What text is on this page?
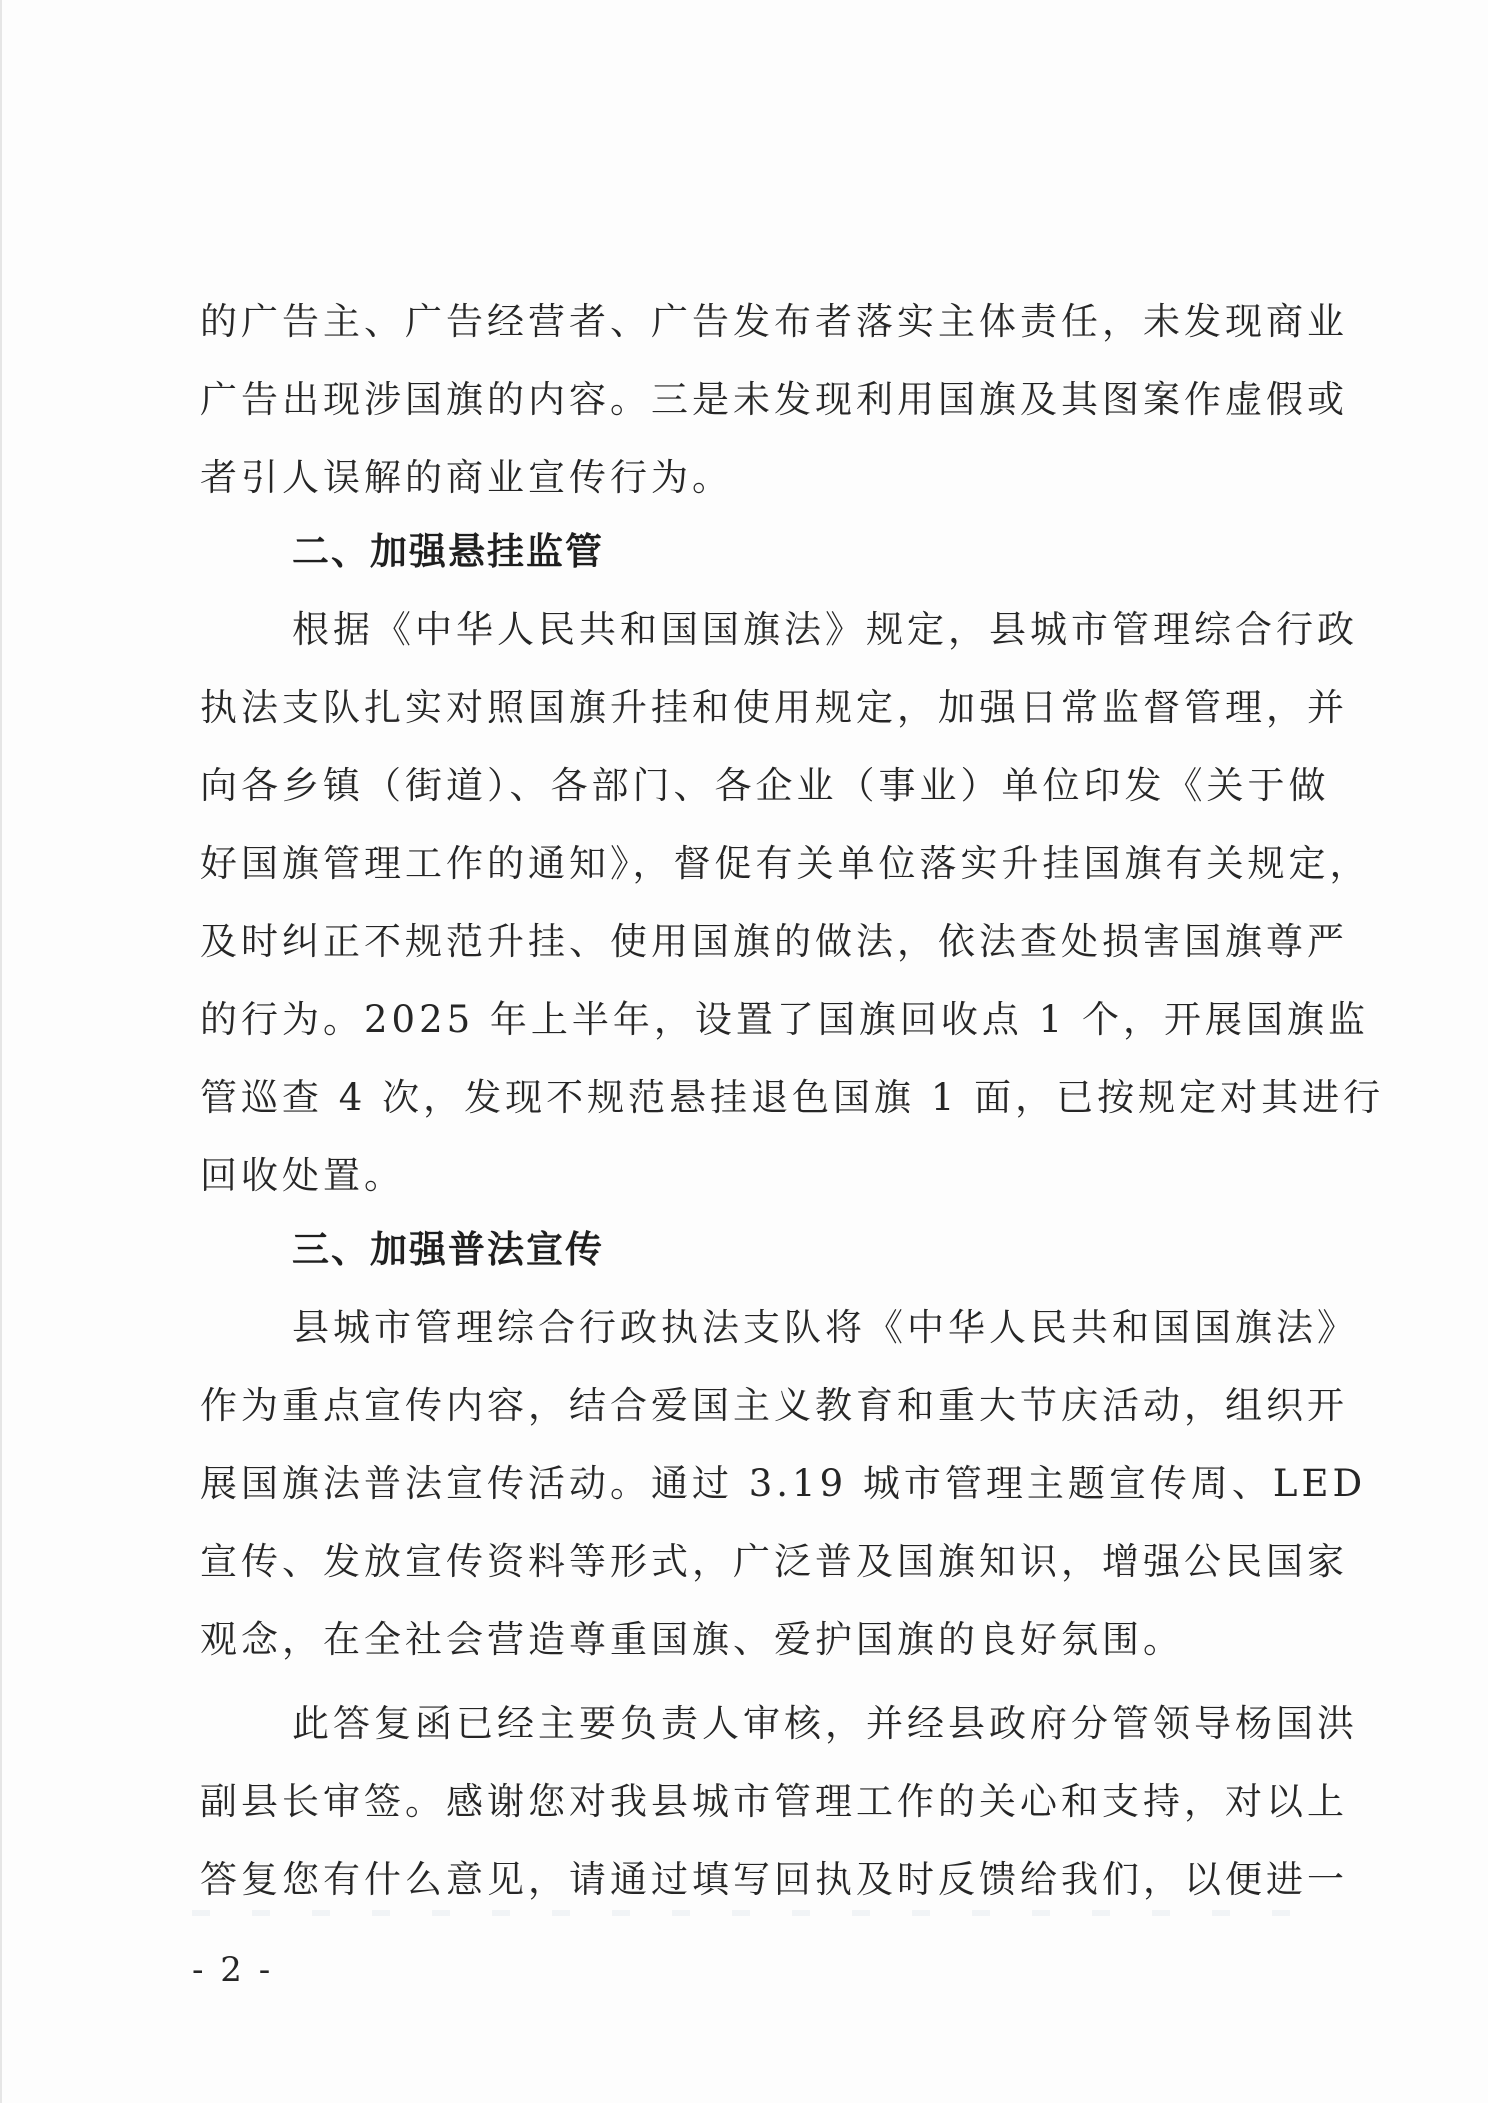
的广告主、广告经营者、广告发布者落实主体责任，未发现商业

广告出现涉国旗的内容。三是未发现利用国旗及其图案作虚假或

者引人误解的商业宣传行为。

二、加强悬挂监管

根据《中华人民共和国国旗法》规定，县城市管理综合行政

执法支队扎实对照国旗升挂和使用规定，加强日常监督管理，并

向各乡镇（街道）、各部门、各企业（事业）单位印发《关于做

好国旗管理工作的通知》，督促有关单位落实升挂国旗有关规定，

及时纠正不规范升挂、使用国旗的做法，依法查处损害国旗尊严

的行为。2025 年上半年，设置了国旗回收点 1 个，开展国旗监

管巡查 4 次，发现不规范悬挂退色国旗 1 面，已按规定对其进行

回收处置。

三、加强普法宣传

县城市管理综合行政执法支队将《中华人民共和国国旗法》

作为重点宣传内容，结合爱国主义教育和重大节庆活动，组织开

展国旗法普法宣传活动。通过 3.19 城市管理主题宣传周、LED

宣传、发放宣传资料等形式，广泛普及国旗知识，增强公民国家

观念，在全社会营造尊重国旗、爱护国旗的良好氛围。

此答复函已经主要负责人审核，并经县政府分管领导杨国洪

副县长审签。感谢您对我县城市管理工作的关心和支持，对以上

答复您有什么意见，请通过填写回执及时反馈给我们，以便进一

- 2 -
